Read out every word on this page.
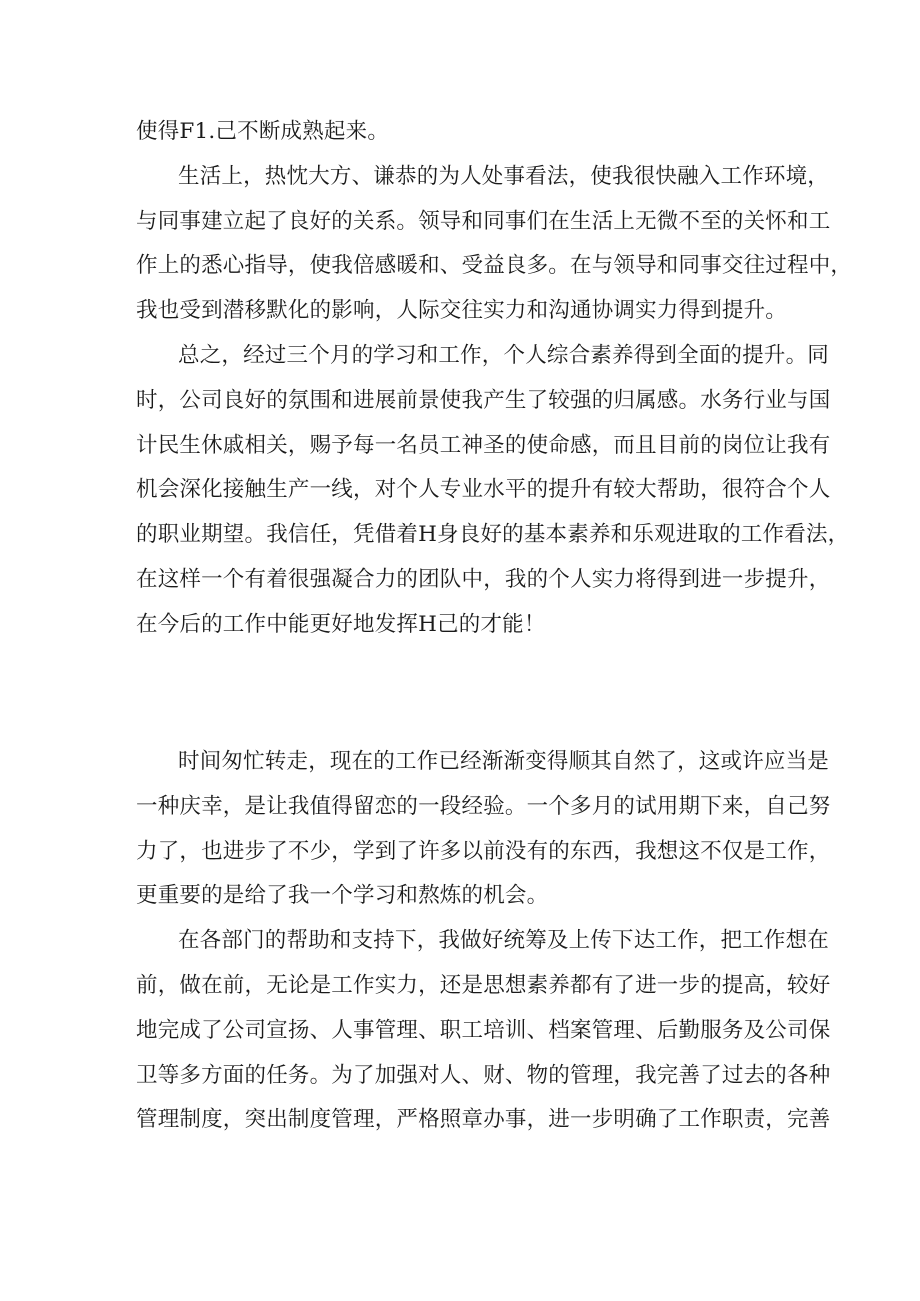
使得F1.己不断成熟起来。
生活上，热忱大方、谦恭的为人处事看法，使我很快融入工作环境，
与同事建立起了良好的关系。领导和同事们在生活上无微不至的关怀和工
作上的悉心指导，使我倍感暖和、受益良多。在与领导和同事交往过程中，
我也受到潜移默化的影响，人际交往实力和沟通协调实力得到提升。
总之，经过三个月的学习和工作，个人综合素养得到全面的提升。同
时，公司良好的氛围和进展前景使我产生了较强的归属感。水务行业与国
计民生休戚相关，赐予每一名员工神圣的使命感，而且目前的岗位让我有
机会深化接触生产一线，对个人专业水平的提升有较大帮助，很符合个人
的职业期望。我信任，凭借着H身良好的基本素养和乐观进取的工作看法，
在这样一个有着很强凝合力的团队中，我的个人实力将得到进一步提升，
在今后的工作中能更好地发挥H己的才能！
时间匆忙转走，现在的工作已经渐渐变得顺其自然了，这或许应当是
一种庆幸，是让我值得留恋的一段经验。一个多月的试用期下来，自己努
力了，也进步了不少，学到了许多以前没有的东西，我想这不仅是工作，
更重要的是给了我一个学习和熬炼的机会。
在各部门的帮助和支持下，我做好统筹及上传下达工作，把工作想在
前，做在前，无论是工作实力，还是思想素养都有了进一步的提高，较好
地完成了公司宣扬、人事管理、职工培训、档案管理、后勤服务及公司保
卫等多方面的任务。为了加强对人、财、物的管理，我完善了过去的各种
管理制度，突出制度管理，严格照章办事，进一步明确了工作职责，完善
